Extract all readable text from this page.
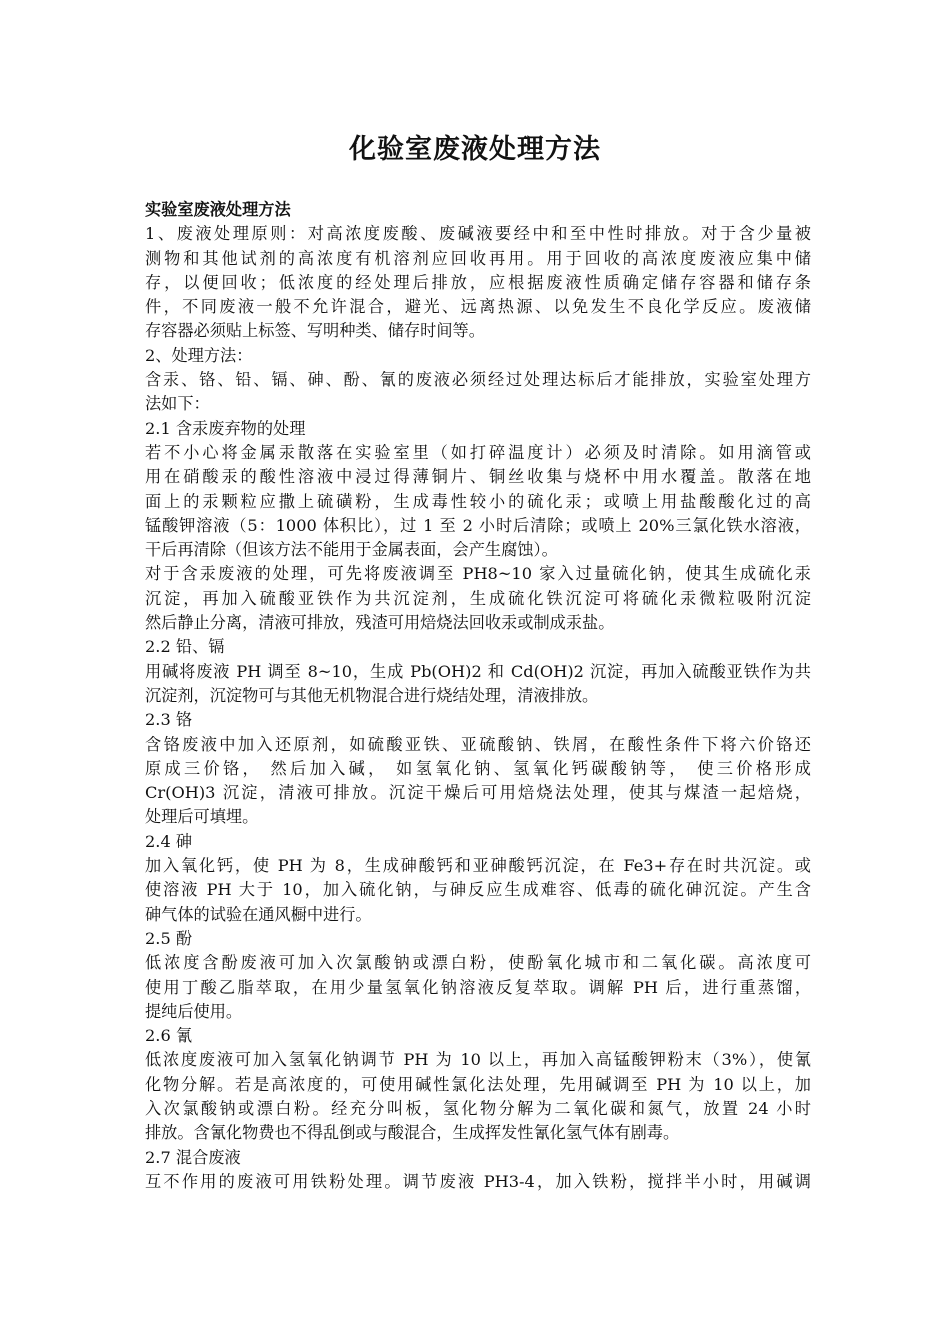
化验室废液处理方法
实验室废液处理方法
1、废液处理原则：对高浓度废酸、废碱液要经中和至中性时排放。对于含少量被
测物和其他试剂的高浓度有机溶剂应回收再用。用于回收的高浓度废液应集中储
存，以便回收；低浓度的经处理后排放，应根据废液性质确定储存容器和储存条
件，不同废液一般不允许混合，避光、远离热源、以免发生不良化学反应。废液储
存容器必须贴上标签、写明种类、储存时间等。
2、处理方法：
含汞、铬、铅、镉、砷、酚、氰的废液必须经过处理达标后才能排放，实验室处理方
法如下：
2.1 含汞废弃物的处理
若不小心将金属汞散落在实验室里（如打碎温度计）必须及时清除。如用滴管或
用在硝酸汞的酸性溶液中浸过得薄铜片、铜丝收集与烧杯中用水覆盖。散落在地
面上的汞颗粒应撒上硫磺粉，生成毒性较小的硫化汞；或喷上用盐酸酸化过的高
锰酸钾溶液（5：1000 体积比），过 1 至 2 小时后清除；或喷上 20%三氯化铁水溶液，
干后再清除（但该方法不能用于金属表面，会产生腐蚀）。
对于含汞废液的处理，可先将废液调至 PH8~10 家入过量硫化钠，使其生成硫化汞
沉淀，再加入硫酸亚铁作为共沉淀剂，生成硫化铁沉淀可将硫化汞微粒吸附沉淀
然后静止分离，清液可排放，残渣可用焙烧法回收汞或制成汞盐。
2.2 铅、镉
用碱将废液 PH 调至 8~10，生成 Pb(OH)2 和 Cd(OH)2 沉淀，再加入硫酸亚铁作为共
沉淀剂，沉淀物可与其他无机物混合进行烧结处理，清液排放。
2.3 铬
含铬废液中加入还原剂，如硫酸亚铁、亚硫酸钠、铁屑，在酸性条件下将六价铬还
原成三价铬， 然后加入碱， 如氢氧化钠、氢氧化钙碳酸钠等， 使三价格形成
Cr(OH)3 沉淀，清液可排放。沉淀干燥后可用焙烧法处理，使其与煤渣一起焙烧，
处理后可填埋。
2.4 砷
加入氧化钙，使 PH 为 8，生成砷酸钙和亚砷酸钙沉淀，在 Fe3+存在时共沉淀。或
使溶液 PH 大于 10，加入硫化钠，与砷反应生成难容、低毒的硫化砷沉淀。产生含
砷气体的试验在通风橱中进行。
2.5 酚
低浓度含酚废液可加入次氯酸钠或漂白粉，使酚氧化城市和二氧化碳。高浓度可
使用丁酸乙脂萃取，在用少量氢氧化钠溶液反复萃取。调解 PH 后，进行重蒸馏，
提纯后使用。
2.6 氰
低浓度废液可加入氢氧化钠调节 PH 为 10 以上，再加入高锰酸钾粉末（3%），使氰
化物分解。若是高浓度的，可使用碱性氯化法处理，先用碱调至 PH 为 10 以上，加
入次氯酸钠或漂白粉。经充分叫板，氢化物分解为二氧化碳和氮气，放置 24 小时
排放。含氰化物费也不得乱倒或与酸混合，生成挥发性氰化氢气体有剧毒。
2.7 混合废液
互不作用的废液可用铁粉处理。调节废液 PH3-4，加入铁粉，搅拌半小时，用碱调
